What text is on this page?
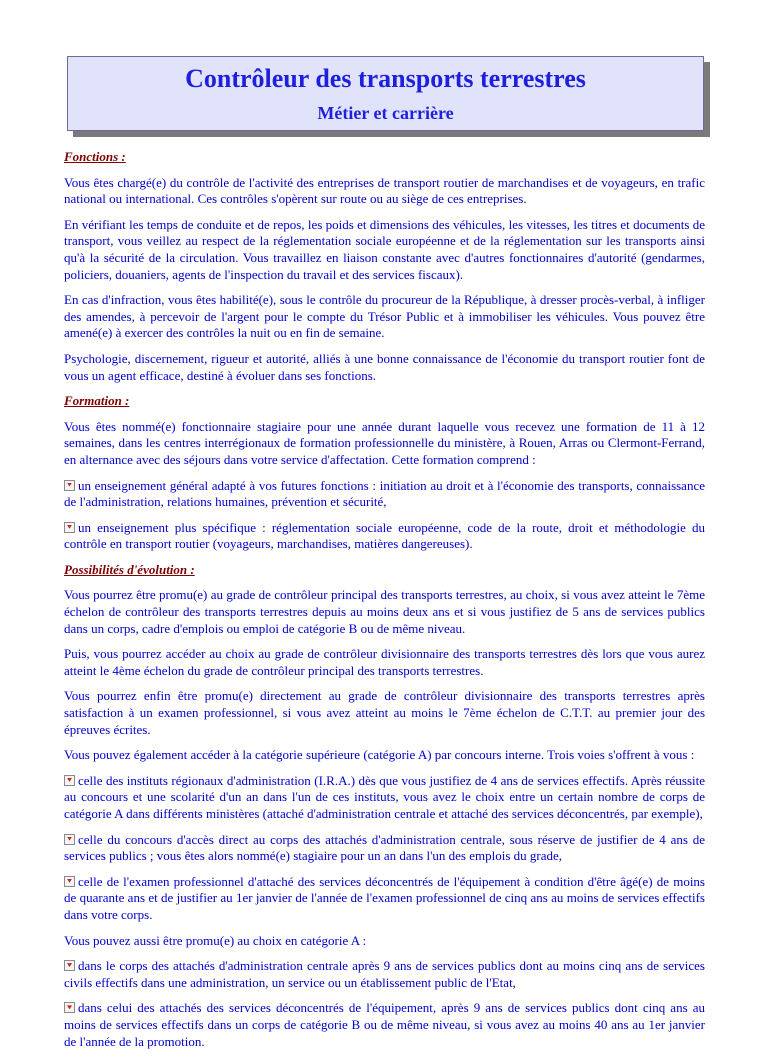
Contrôleur des transports terrestres
Métier et carrière
Fonctions :

Vous êtes chargé(e) du contrôle de l'activité des entreprises de transport routier de marchandises et de voyageurs, en trafic national ou international. Ces contrôles s'opèrent sur route ou au siège de ces entreprises.

En vérifiant les temps de conduite et de repos, les poids et dimensions des véhicules, les vitesses, les titres et documents de transport, vous veillez au respect de la réglementation sociale européenne et de la réglementation sur les transports ainsi qu'à la sécurité de la circulation. Vous travaillez en liaison constante avec d'autres fonctionnaires d'autorité (gendarmes, policiers, douaniers, agents de l'inspection du travail et des services fiscaux).

En cas d'infraction, vous êtes habilité(e), sous le contrôle du procureur de la République, à dresser procès-verbal, à infliger des amendes, à percevoir de l'argent pour le compte du Trésor Public et à immobiliser les véhicules. Vous pouvez être amené(e) à exercer des contrôles la nuit ou en fin de semaine.

Psychologie, discernement, rigueur et autorité, alliés à une bonne connaissance de l'économie du transport routier font de vous un agent efficace, destiné à évoluer dans ses fonctions.

Formation :

Vous êtes nommé(e) fonctionnaire stagiaire pour une année durant laquelle vous recevez une formation de 11 à 12 semaines, dans les centres interrégionaux de formation professionnelle du ministère, à Rouen, Arras ou Clermont-Ferrand, en alternance avec des séjours dans votre service d'affectation. Cette formation comprend :

un enseignement général adapté à vos futures fonctions : initiation au droit et à l'économie des transports, connaissance de l'administration, relations humaines, prévention et sécurité,
un enseignement plus spécifique : réglementation sociale européenne, code de la route, droit et méthodologie du contrôle en transport routier (voyageurs, marchandises, matières dangereuses).
Possibilités d'évolution :

Vous pourrez être promu(e) au grade de contrôleur principal des transports terrestres, au choix, si vous avez atteint le 7ème échelon de contrôleur des transports terrestres depuis au moins deux ans et si vous justifiez de 5 ans de services publics dans un corps, cadre d'emplois ou emploi de catégorie B ou de même niveau.

Puis, vous pourrez accéder au choix au grade de contrôleur divisionnaire des transports terrestres dès lors que vous aurez atteint le 4ème échelon du grade de contrôleur principal des transports terrestres.

Vous pourrez enfin être promu(e) directement au grade de contrôleur divisionnaire des transports terrestres après satisfaction à un examen professionnel, si vous avez atteint au moins le 7ème échelon de C.T.T. au premier jour des épreuves écrites.

Vous pouvez également accéder à la catégorie supérieure (catégorie A) par concours interne. Trois voies s'offrent à vous :

celle des instituts régionaux d'administration (I.R.A.) dès que vous justifiez de 4 ans de services effectifs. Après réussite au concours et une scolarité d'un an dans l'un de ces instituts, vous avez le choix entre un certain nombre de corps de catégorie A dans différents ministères (attaché d'administration centrale et attaché des services déconcentrés, par exemple),
celle du concours d'accès direct au corps des attachés d'administration centrale, sous réserve de justifier de 4 ans de services publics ; vous êtes alors nommé(e) stagiaire pour un an dans l'un des emplois du grade,
celle de l'examen professionnel d'attaché des services déconcentrés de l'équipement à condition d'être âgé(e) de moins de quarante ans et de justifier au 1er janvier de l'année de l'examen professionnel de cinq ans au moins de services effectifs dans votre corps.

Vous pouvez aussi être promu(e) au choix en catégorie A :

dans le corps des attachés d'administration centrale après 9 ans de services publics dont au moins cinq ans de services civils effectifs dans une administration, un service ou un établissement public de l'Etat,
dans celui des attachés des services déconcentrés de l'équipement, après 9 ans de services publics dont cinq ans au moins de services effectifs dans un corps de catégorie B ou de même niveau, si vous avez au moins 40 ans au 1er janvier de l'année de la promotion.
